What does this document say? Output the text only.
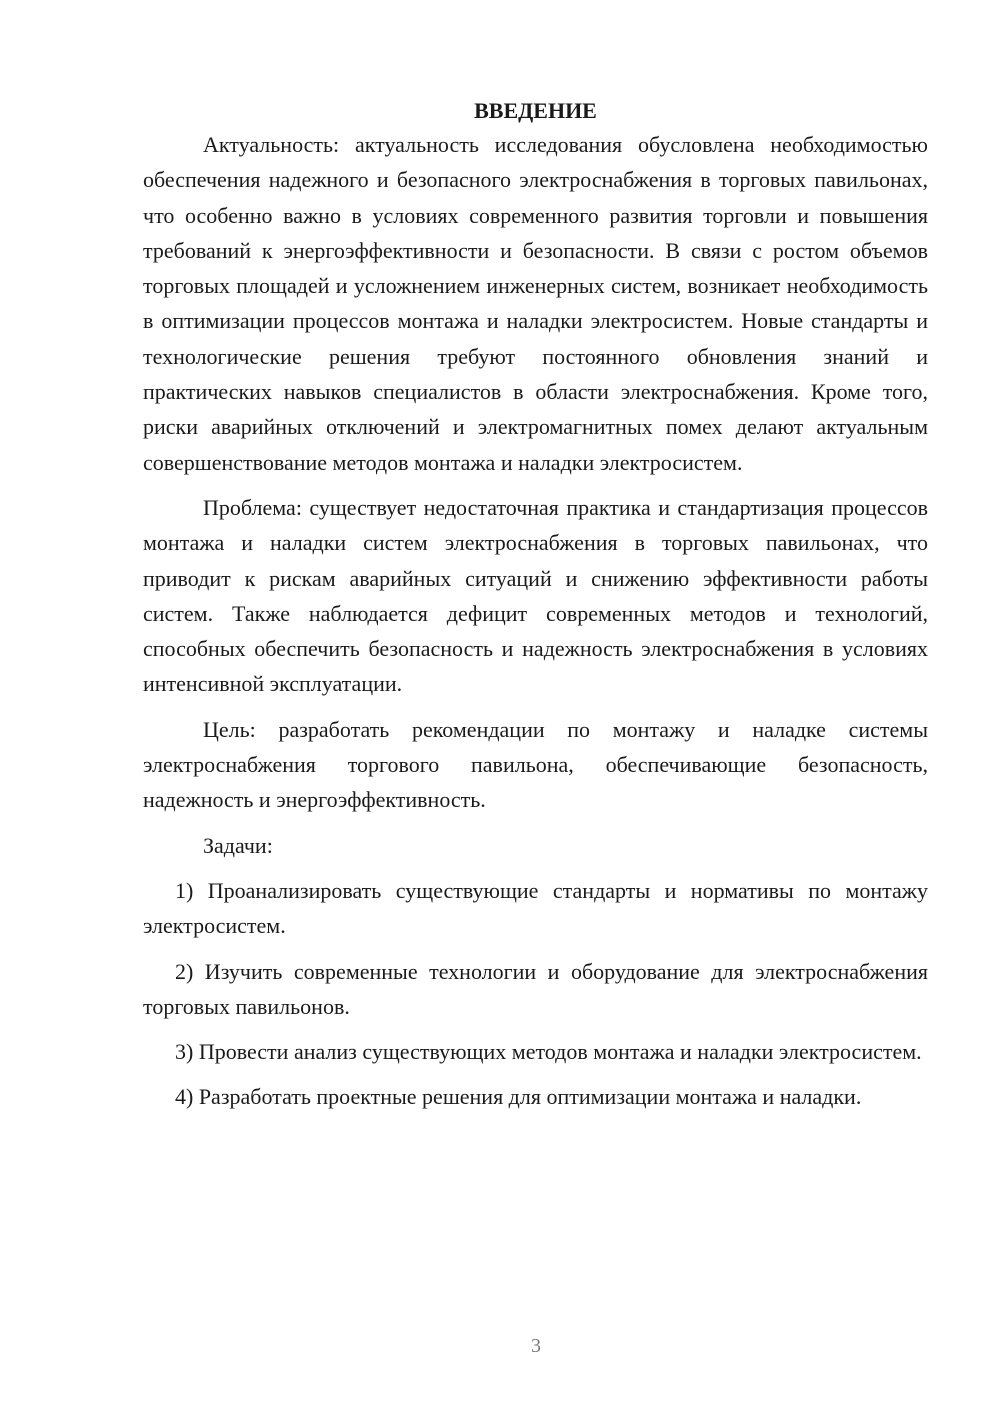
ВВЕДЕНИЕ

Актуальность: актуальность исследования обусловлена необходимостью обеспечения надежного и безопасного электроснабжения в торговых павильонах, что особенно важно в условиях современного развития торговли и повышения требований к энергоэффективности и безопасности. В связи с ростом объемов торговых площадей и усложнением инженерных систем, возникает необходимость в оптимизации процессов монтажа и наладки электросистем. Новые стандарты и технологические решения требуют постоянного обновления знаний и практических навыков специалистов в области электроснабжения. Кроме того, риски аварийных отключений и электромагнитных помех делают актуальным совершенствование методов монтажа и наладки электросистем.

Проблема: существует недостаточная практика и стандартизация процессов монтажа и наладки систем электроснабжения в торговых павильонах, что приводит к рискам аварийных ситуаций и снижению эффективности работы систем. Также наблюдается дефицит современных методов и технологий, способных обеспечить безопасность и надежность электроснабжения в условиях интенсивной эксплуатации.

Цель: разработать рекомендации по монтажу и наладке системы электроснабжения торгового павильона, обеспечивающие безопасность, надежность и энергоэффективность.

Задачи:

1) Проанализировать существующие стандарты и нормативы по монтажу электросистем.

2) Изучить современные технологии и оборудование для электроснабжения торговых павильонов.

3) Провести анализ существующих методов монтажа и наладки электросистем.

4) Разработать проектные решения для оптимизации монтажа и наладки.

3
